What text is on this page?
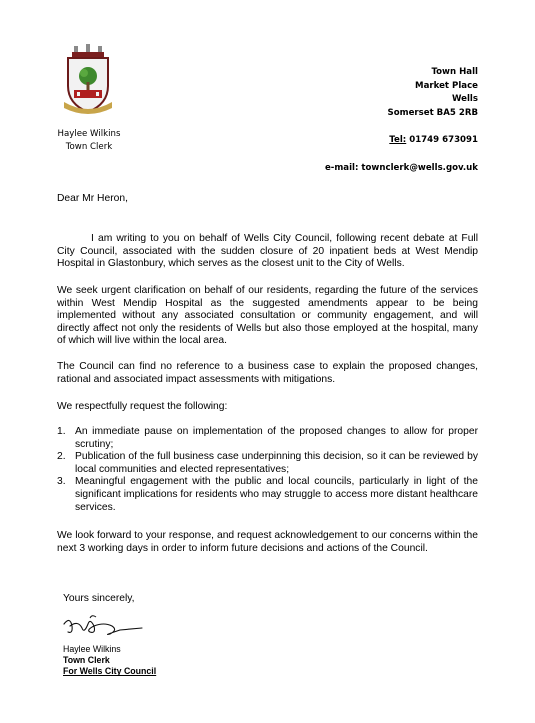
Haylee Wilkins
Town Clerk
Town Hall
Market Place
Wells
Somerset BA5 2RB
Tel: 01749 673091
e-mail: townclerk@wells.gov.uk
Dear Mr Heron,
I am writing to you on behalf of Wells City Council, following recent debate at Full City Council, associated with the sudden closure of 20 inpatient beds at West Mendip Hospital in Glastonbury, which serves as the closest unit to the City of Wells.
We seek urgent clarification on behalf of our residents, regarding the future of the services within West Mendip Hospital as the suggested amendments appear to be being implemented without any associated consultation or community engagement, and will directly affect not only the residents of Wells but also those employed at the hospital, many of which will live within the local area.
The Council can find no reference to a business case to explain the proposed changes, rational and associated impact assessments with mitigations.
We respectfully request the following:
1. An immediate pause on implementation of the proposed changes to allow for proper scrutiny;
2. Publication of the full business case underpinning this decision, so it can be reviewed by local communities and elected representatives;
3. Meaningful engagement with the public and local councils, particularly in light of the significant implications for residents who may struggle to access more distant healthcare services.
We look forward to your response, and request acknowledgement to our concerns within the next 3 working days in order to inform future decisions and actions of the Council.
Yours sincerely,
Haylee Wilkins
Town Clerk
For Wells City Council
